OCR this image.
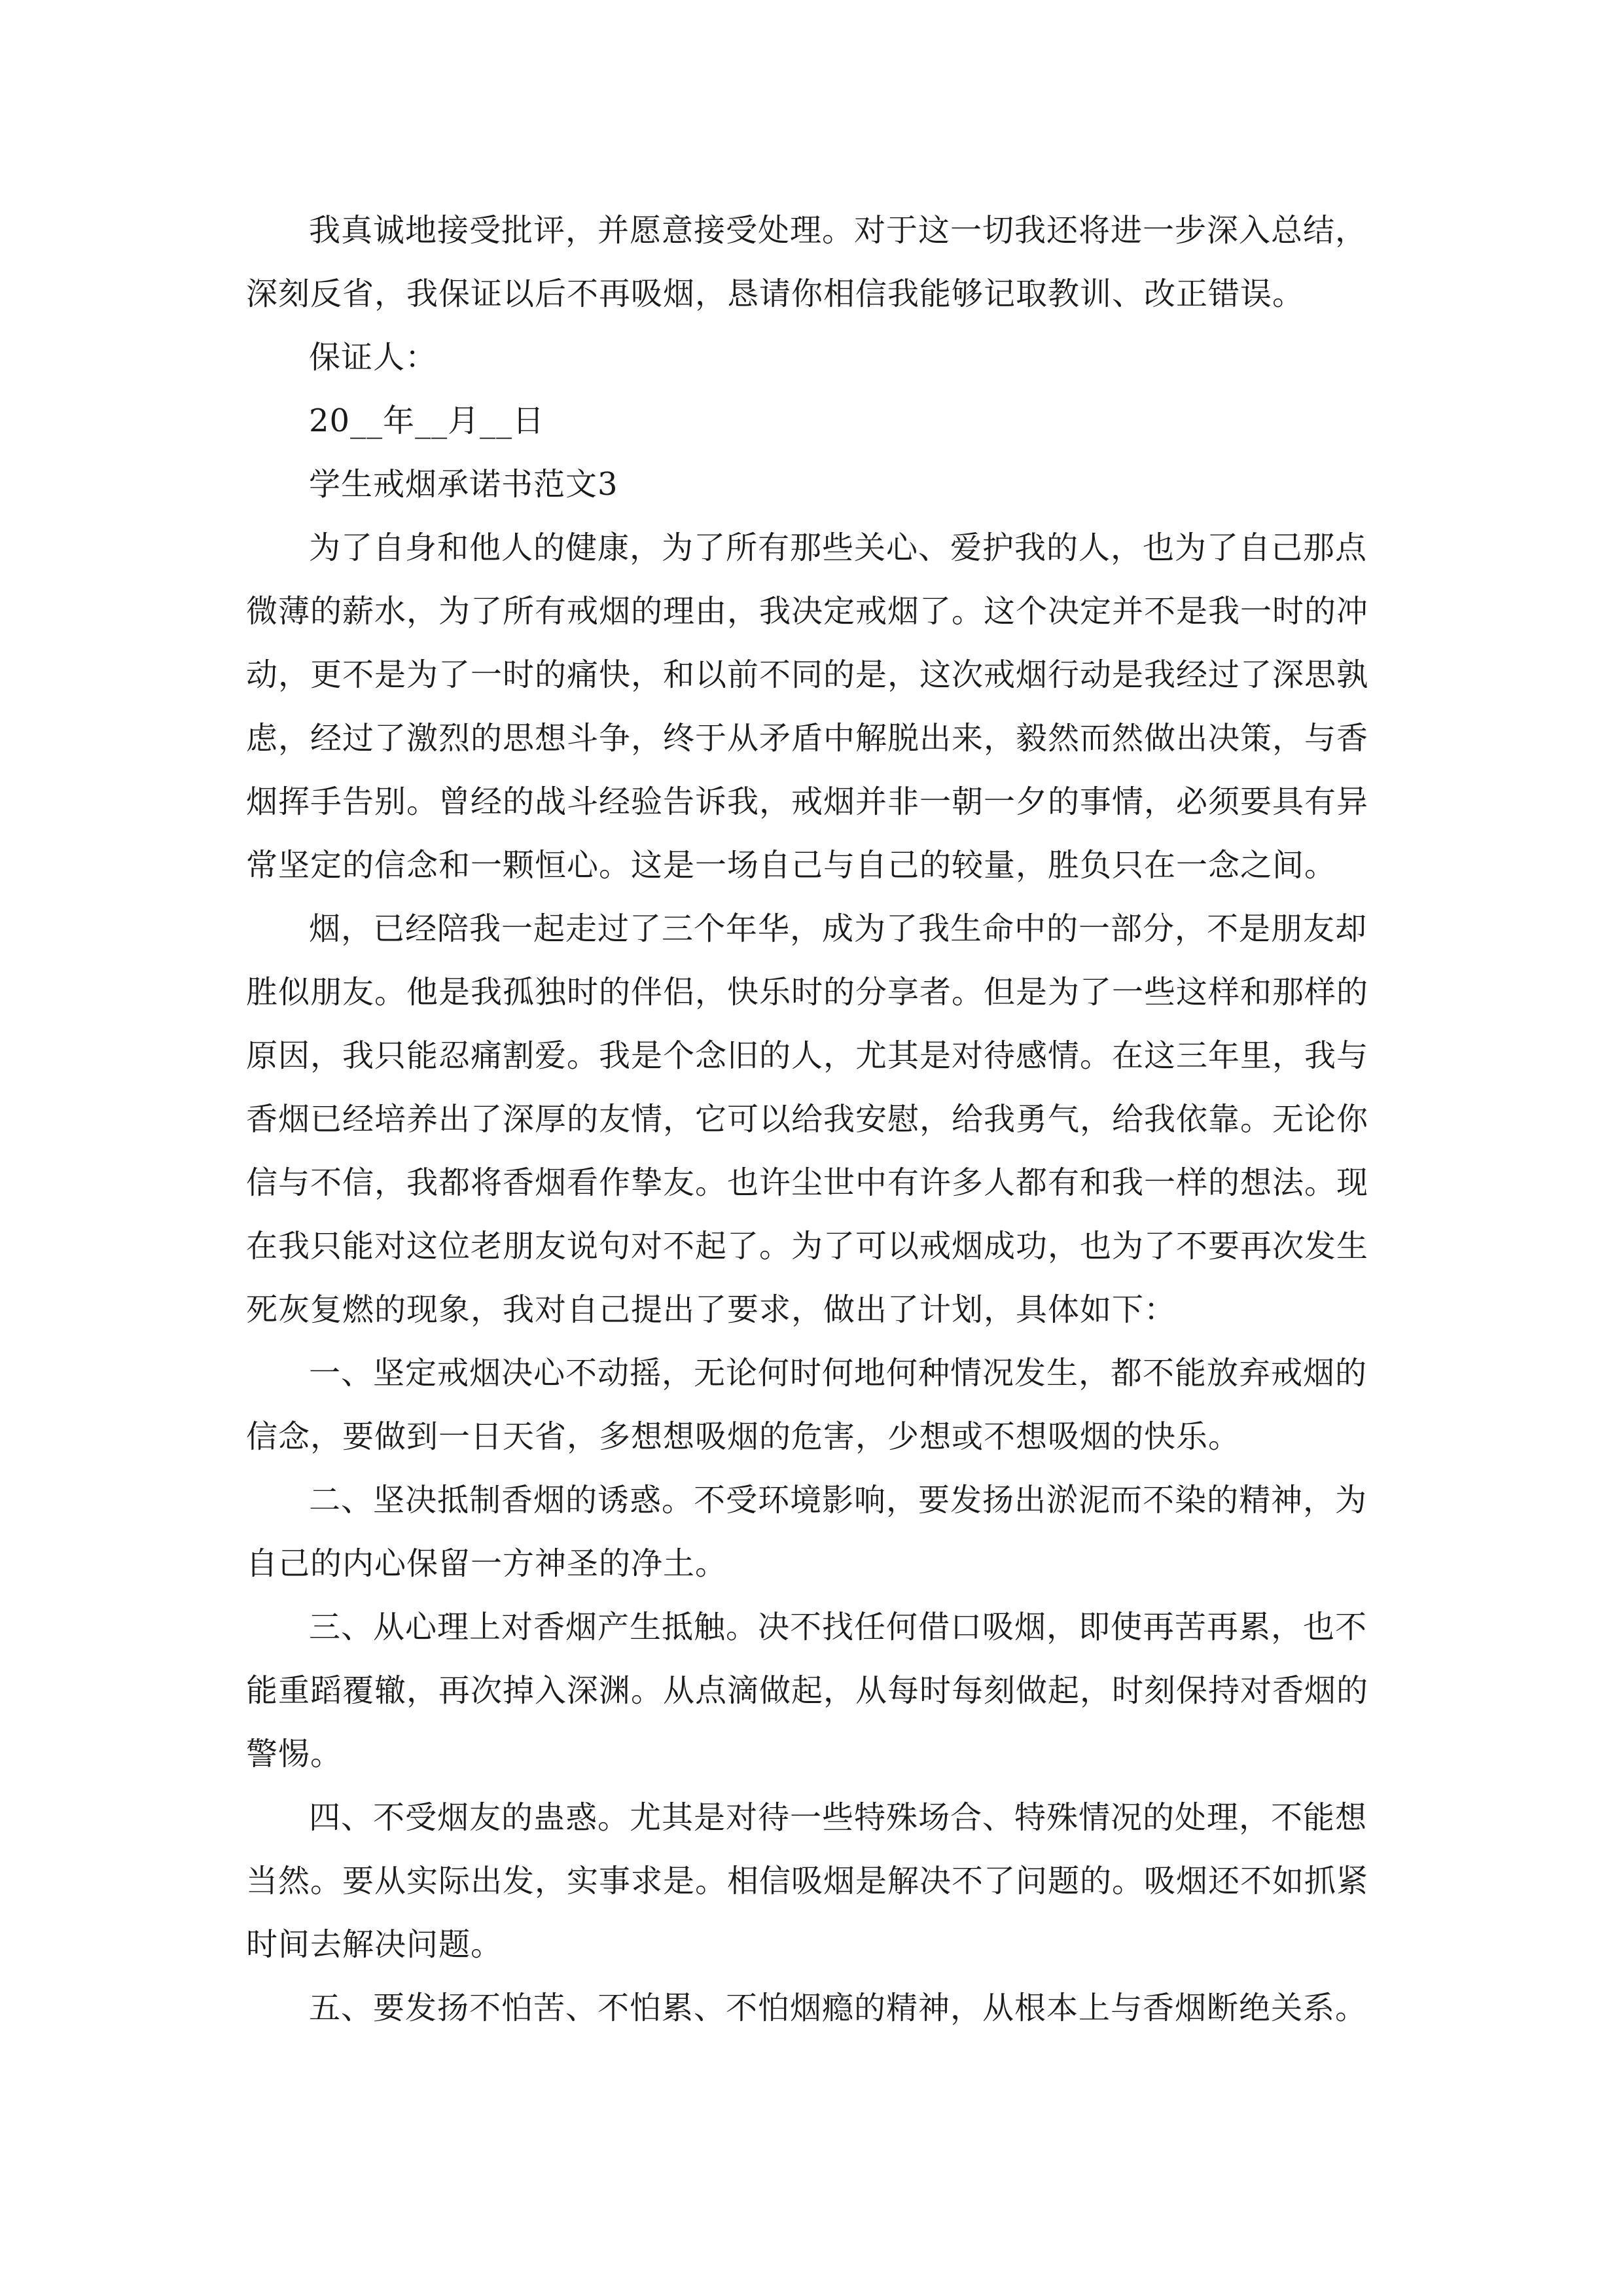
我真诚地接受批评，并愿意接受处理。对于这一切我还将进一步深入总结，
深刻反省，我保证以后不再吸烟，恳请你相信我能够记取教训、改正错误。
保证人：
20__年__月__日
学生戒烟承诺书范文3
为了自身和他人的健康，为了所有那些关心、爱护我的人，也为了自己那点
微薄的薪水，为了所有戒烟的理由，我决定戒烟了。这个决定并不是我一时的冲
动，更不是为了一时的痛快，和以前不同的是，这次戒烟行动是我经过了深思孰
虑，经过了激烈的思想斗争，终于从矛盾中解脱出来，毅然而然做出决策，与香
烟挥手告别。曾经的战斗经验告诉我，戒烟并非一朝一夕的事情，必须要具有异
常坚定的信念和一颗恒心。这是一场自己与自己的较量，胜负只在一念之间。
烟，已经陪我一起走过了三个年华，成为了我生命中的一部分，不是朋友却
胜似朋友。他是我孤独时的伴侣，快乐时的分享者。但是为了一些这样和那样的
原因，我只能忍痛割爱。我是个念旧的人，尤其是对待感情。在这三年里，我与
香烟已经培养出了深厚的友情，它可以给我安慰，给我勇气，给我依靠。无论你
信与不信，我都将香烟看作挚友。也许尘世中有许多人都有和我一样的想法。现
在我只能对这位老朋友说句对不起了。为了可以戒烟成功，也为了不要再次发生
死灰复燃的现象，我对自己提出了要求，做出了计划，具体如下：
一、坚定戒烟决心不动摇，无论何时何地何种情况发生，都不能放弃戒烟的
信念，要做到一日天省，多想想吸烟的危害，少想或不想吸烟的快乐。
二、坚决抵制香烟的诱惑。不受环境影响，要发扬出淤泥而不染的精神，为
自己的内心保留一方神圣的净土。
三、从心理上对香烟产生抵触。决不找任何借口吸烟，即使再苦再累，也不
能重蹈覆辙，再次掉入深渊。从点滴做起，从每时每刻做起，时刻保持对香烟的
警惕。
四、不受烟友的蛊惑。尤其是对待一些特殊场合、特殊情况的处理，不能想
当然。要从实际出发，实事求是。相信吸烟是解决不了问题的。吸烟还不如抓紧
时间去解决问题。
五、要发扬不怕苦、不怕累、不怕烟瘾的精神，从根本上与香烟断绝关系。
